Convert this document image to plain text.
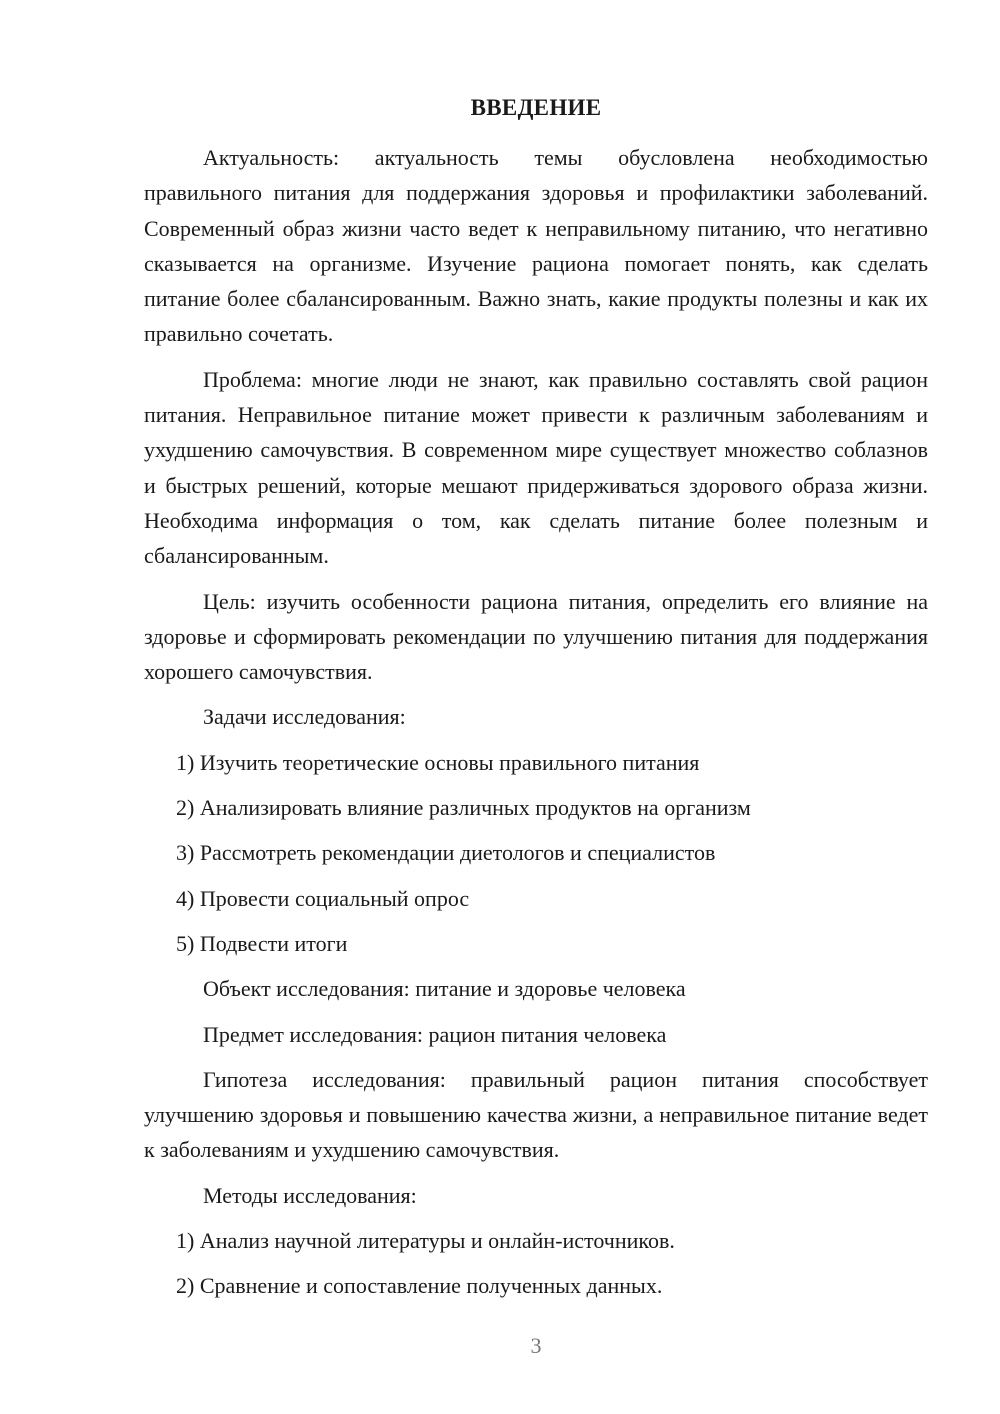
ВВЕДЕНИЕ

Актуальность: актуальность темы обусловлена необходимостью правильного питания для поддержания здоровья и профилактики заболеваний. Современный образ жизни часто ведет к неправильному питанию, что негативно сказывается на организме. Изучение рациона помогает понять, как сделать питание более сбалансированным. Важно знать, какие продукты полезны и как их правильно сочетать.

Проблема: многие люди не знают, как правильно составлять свой рацион питания. Неправильное питание может привести к различным заболеваниям и ухудшению самочувствия. В современном мире существует множество соблазнов и быстрых решений, которые мешают придерживаться здорового образа жизни. Необходима информация о том, как сделать питание более полезным и сбалансированным.

Цель: изучить особенности рациона питания, определить его влияние на здоровье и сформировать рекомендации по улучшению питания для поддержания хорошего самочувствия.

Задачи исследования:

1) Изучить теоретические основы правильного питания

2) Анализировать влияние различных продуктов на организм

3) Рассмотреть рекомендации диетологов и специалистов

4) Провести социальный опрос

5) Подвести итоги

Объект исследования: питание и здоровье человека

Предмет исследования: рацион питания человека

Гипотеза исследования: правильный рацион питания способствует улучшению здоровья и повышению качества жизни, а неправильное питание ведет к заболеваниям и ухудшению самочувствия.

Методы исследования:

1) Анализ научной литературы и онлайн-источников.

2) Сравнение и сопоставление полученных данных.

3
